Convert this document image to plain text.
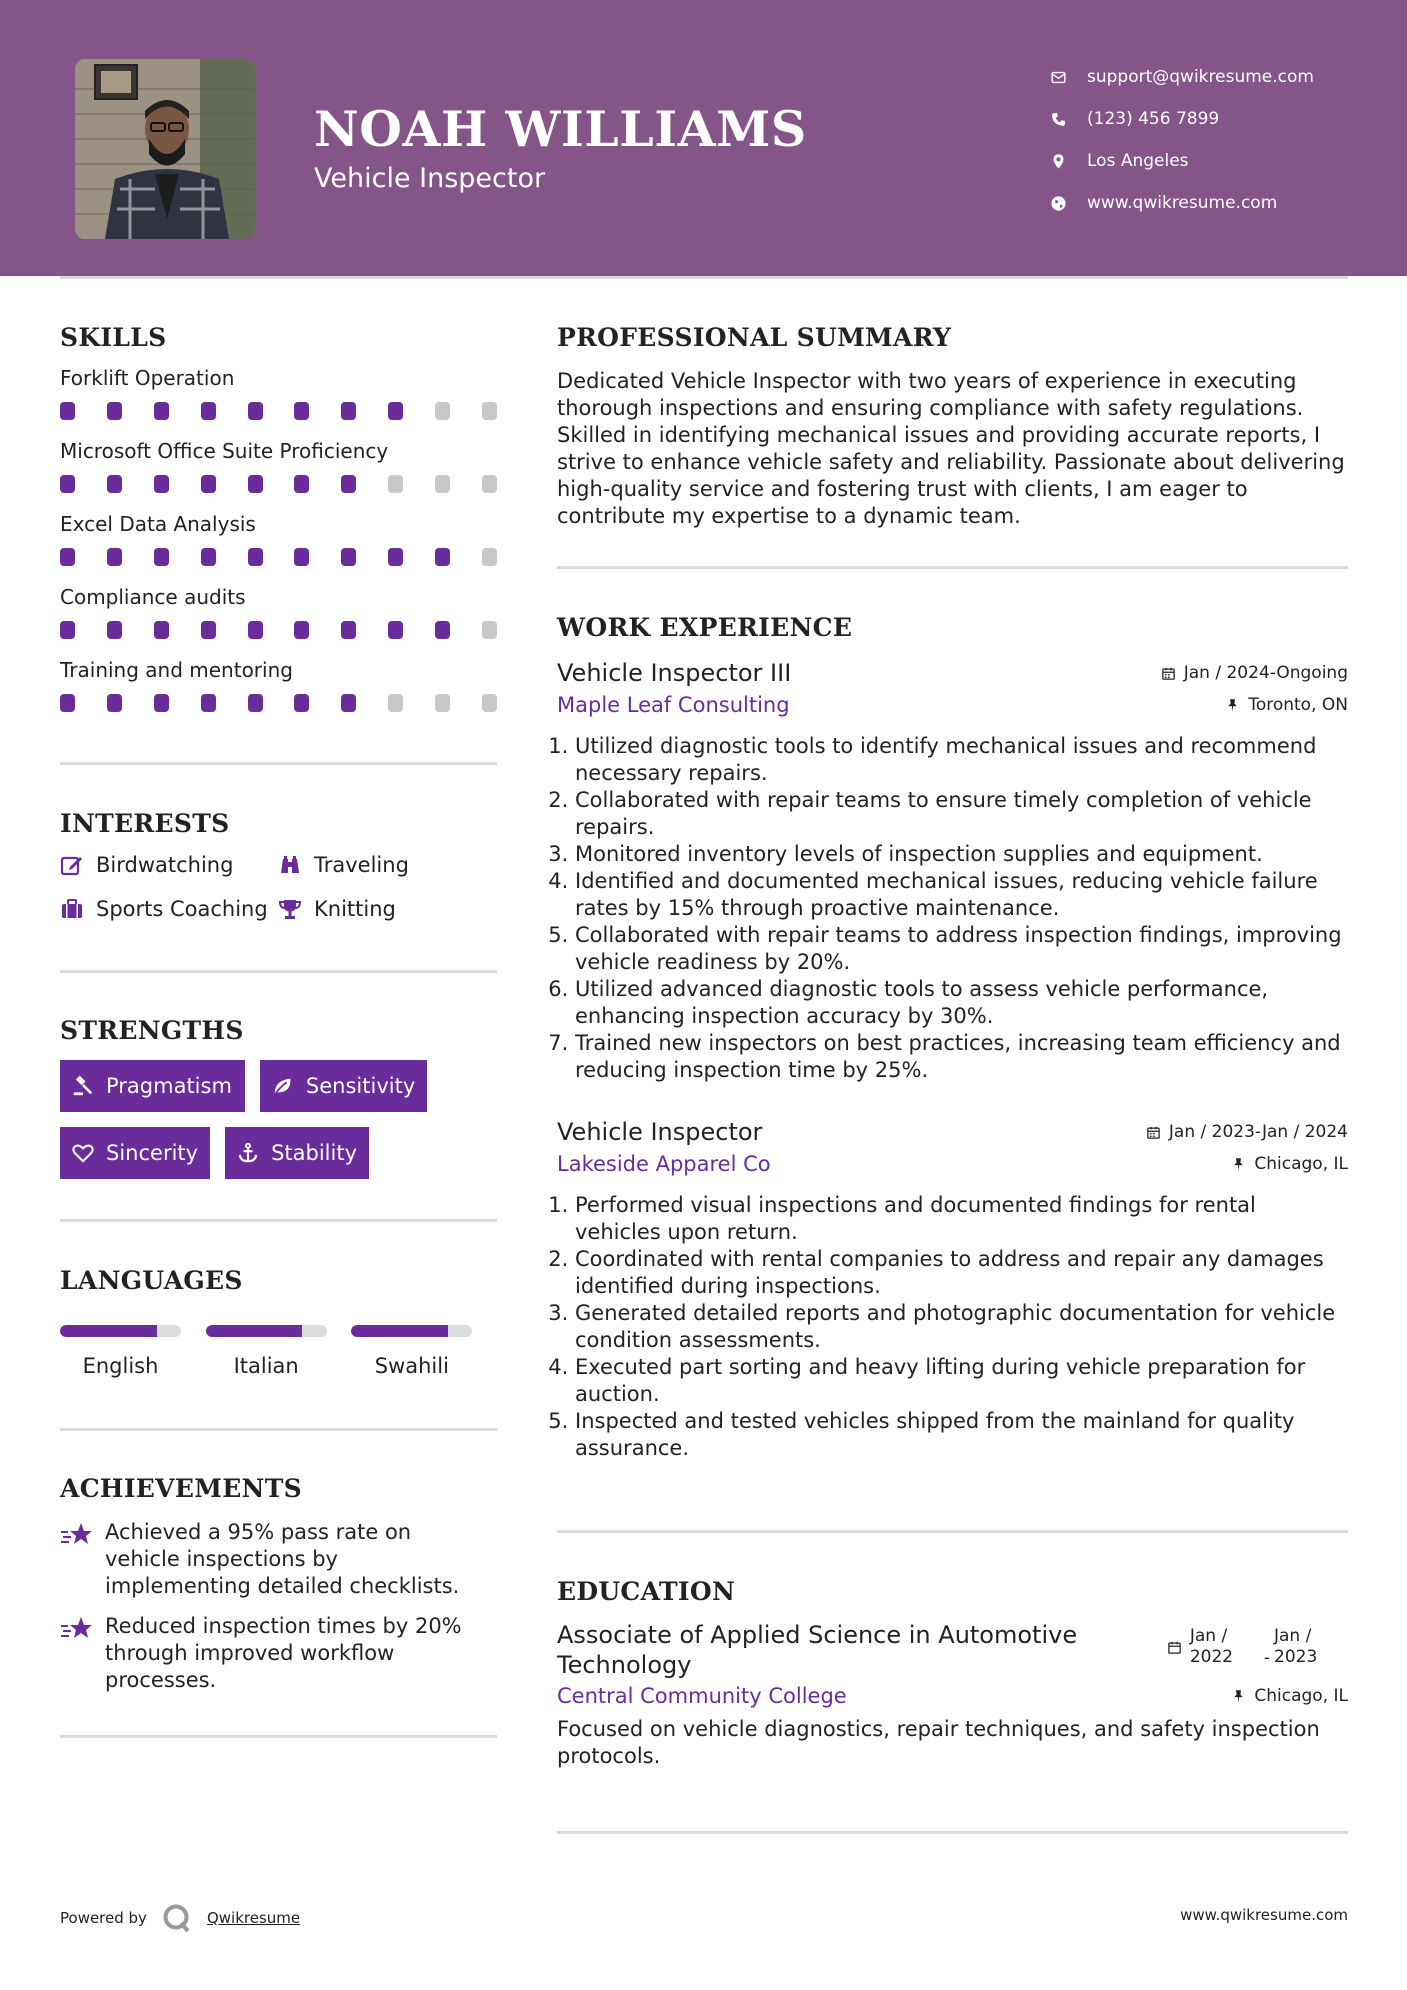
NOAH WILLIAMS
Vehicle Inspector
support@qwikresume.com
(123) 456 7899
Los Angeles
www.qwikresume.com
SKILLS
Forklift Operation
Microsoft Office Suite Proficiency
Excel Data Analysis
Compliance audits
Training and mentoring
INTERESTS
Birdwatching	Traveling
Sports Coaching Knitting
STRENGTHS
Pragmatism	Sensitivity
Sincerity	Stability
LANGUAGES
English	Italian	Swahili
ACHIEVEMENTS
Achieved a 95% pass rate on vehicle inspections by implementing detailed checklists.
Reduced inspection times by 20% through improved workflow processes.
PROFESSIONAL SUMMARY
Dedicated Vehicle Inspector with two years of experience in executing thorough inspections and ensuring compliance with safety regulations. Skilled in identifying mechanical issues and providing accurate reports, I strive to enhance vehicle safety and reliability. Passionate about delivering high-quality service and fostering trust with clients, I am eager to contribute my expertise to a dynamic team.
WORK EXPERIENCE
Vehicle Inspector III	Jan / 2024-Ongoing
Maple Leaf Consulting	Toronto, ON
1. Utilized diagnostic tools to identify mechanical issues and recommend necessary repairs.
2. Collaborated with repair teams to ensure timely completion of vehicle repairs.
3. Monitored inventory levels of inspection supplies and equipment.
4. Identified and documented mechanical issues, reducing vehicle failure rates by 15% through proactive maintenance.
5. Collaborated with repair teams to address inspection findings, improving vehicle readiness by 20%.
6. Utilized advanced diagnostic tools to assess vehicle performance, enhancing inspection accuracy by 30%.
7. Trained new inspectors on best practices, increasing team efficiency and reducing inspection time by 25%.
Vehicle Inspector	Jan / 2023-Jan / 2024
Lakeside Apparel Co	Chicago, IL
1. Performed visual inspections and documented findings for rental vehicles upon return.
2. Coordinated with rental companies to address and repair any damages identified during inspections.
3. Generated detailed reports and photographic documentation for vehicle condition assessments.
4. Executed part sorting and heavy lifting during vehicle preparation for auction.
5. Inspected and tested vehicles shipped from the mainland for quality assurance.
EDUCATION
Associate of Applied Science in Automotive Technology
Jan / 2022 -
Jan / 2023
Central Community College	Chicago, IL
Focused on vehicle diagnostics, repair techniques, and safety inspection protocols.
Powered by	Qwikresume	www.qwikresume.com
